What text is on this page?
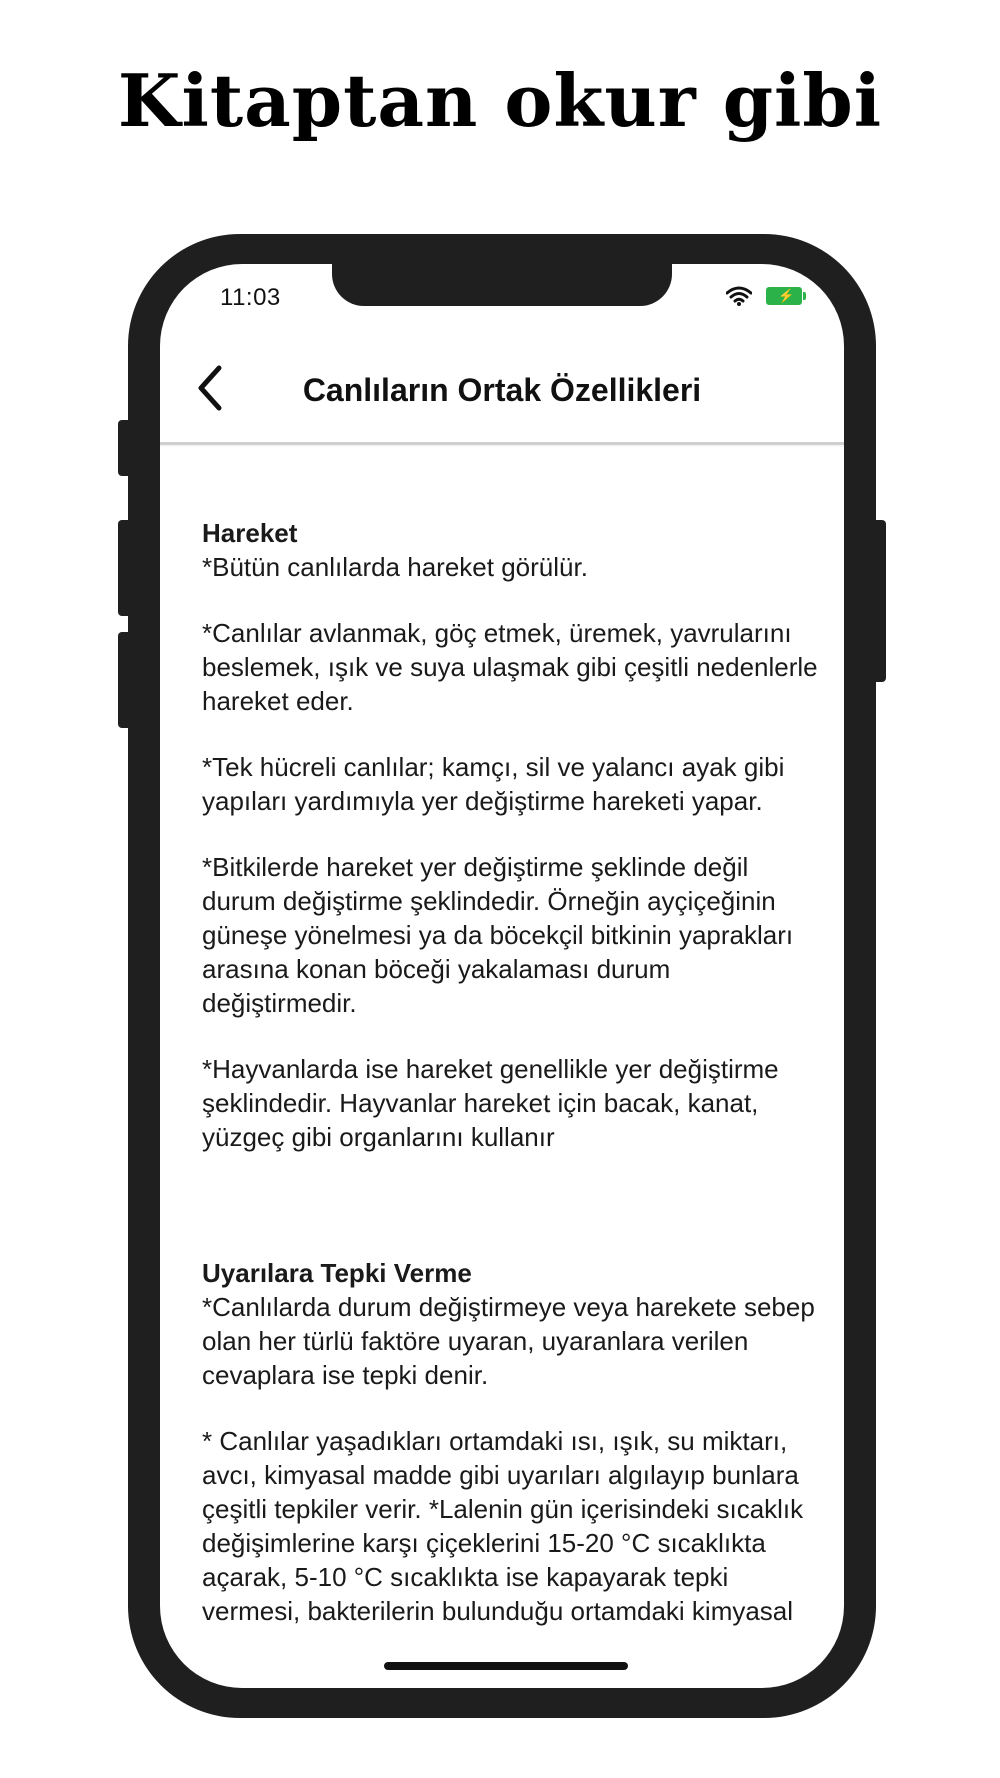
Kitaptan okur gibi
11:03	⚡
Canlıların Ortak Özellikleri

Hareket

*Bütün canlılarda hareket görülür.

*Canlılar avlanmak, göç etmek, üremek, yavrularını beslemek, ışık ve suya ulaşmak gibi çeşitli nedenlerle hareket eder.

*Tek hücreli canlılar; kamçı, sil ve yalancı ayak gibi yapıları yardımıyla yer değiştirme hareketi yapar.

*Bitkilerde hareket yer değiştirme şeklinde değil durum değiştirme şeklindedir. Örneğin ayçiçeğinin güneşe yönelmesi ya da böcekçil bitkinin yaprakları arasına konan böceği yakalaması durum değiştirmedir.

*Hayvanlarda ise hareket genellikle yer değiştirme şeklindedir. Hayvanlar hareket için bacak, kanat, yüzgeç gibi organlarını kullanır

Uyarılara Tepki Verme

*Canlılarda durum değiştirmeye veya harekete sebep olan her türlü faktöre uyaran, uyaranlara verilen cevaplara ise tepki denir.

* Canlılar yaşadıkları ortamdaki ısı, ışık, su miktarı, avcı, kimyasal madde gibi uyarıları algılayıp bunlara çeşitli tepkiler verir. *Lalenin gün içerisindeki sıcaklık değişimlerine karşı çiçeklerini 15-20 °C sıcaklıkta açarak, 5-10 °C sıcaklıkta ise kapayarak tepki vermesi, bakterilerin bulunduğu ortamdaki kimyasal
